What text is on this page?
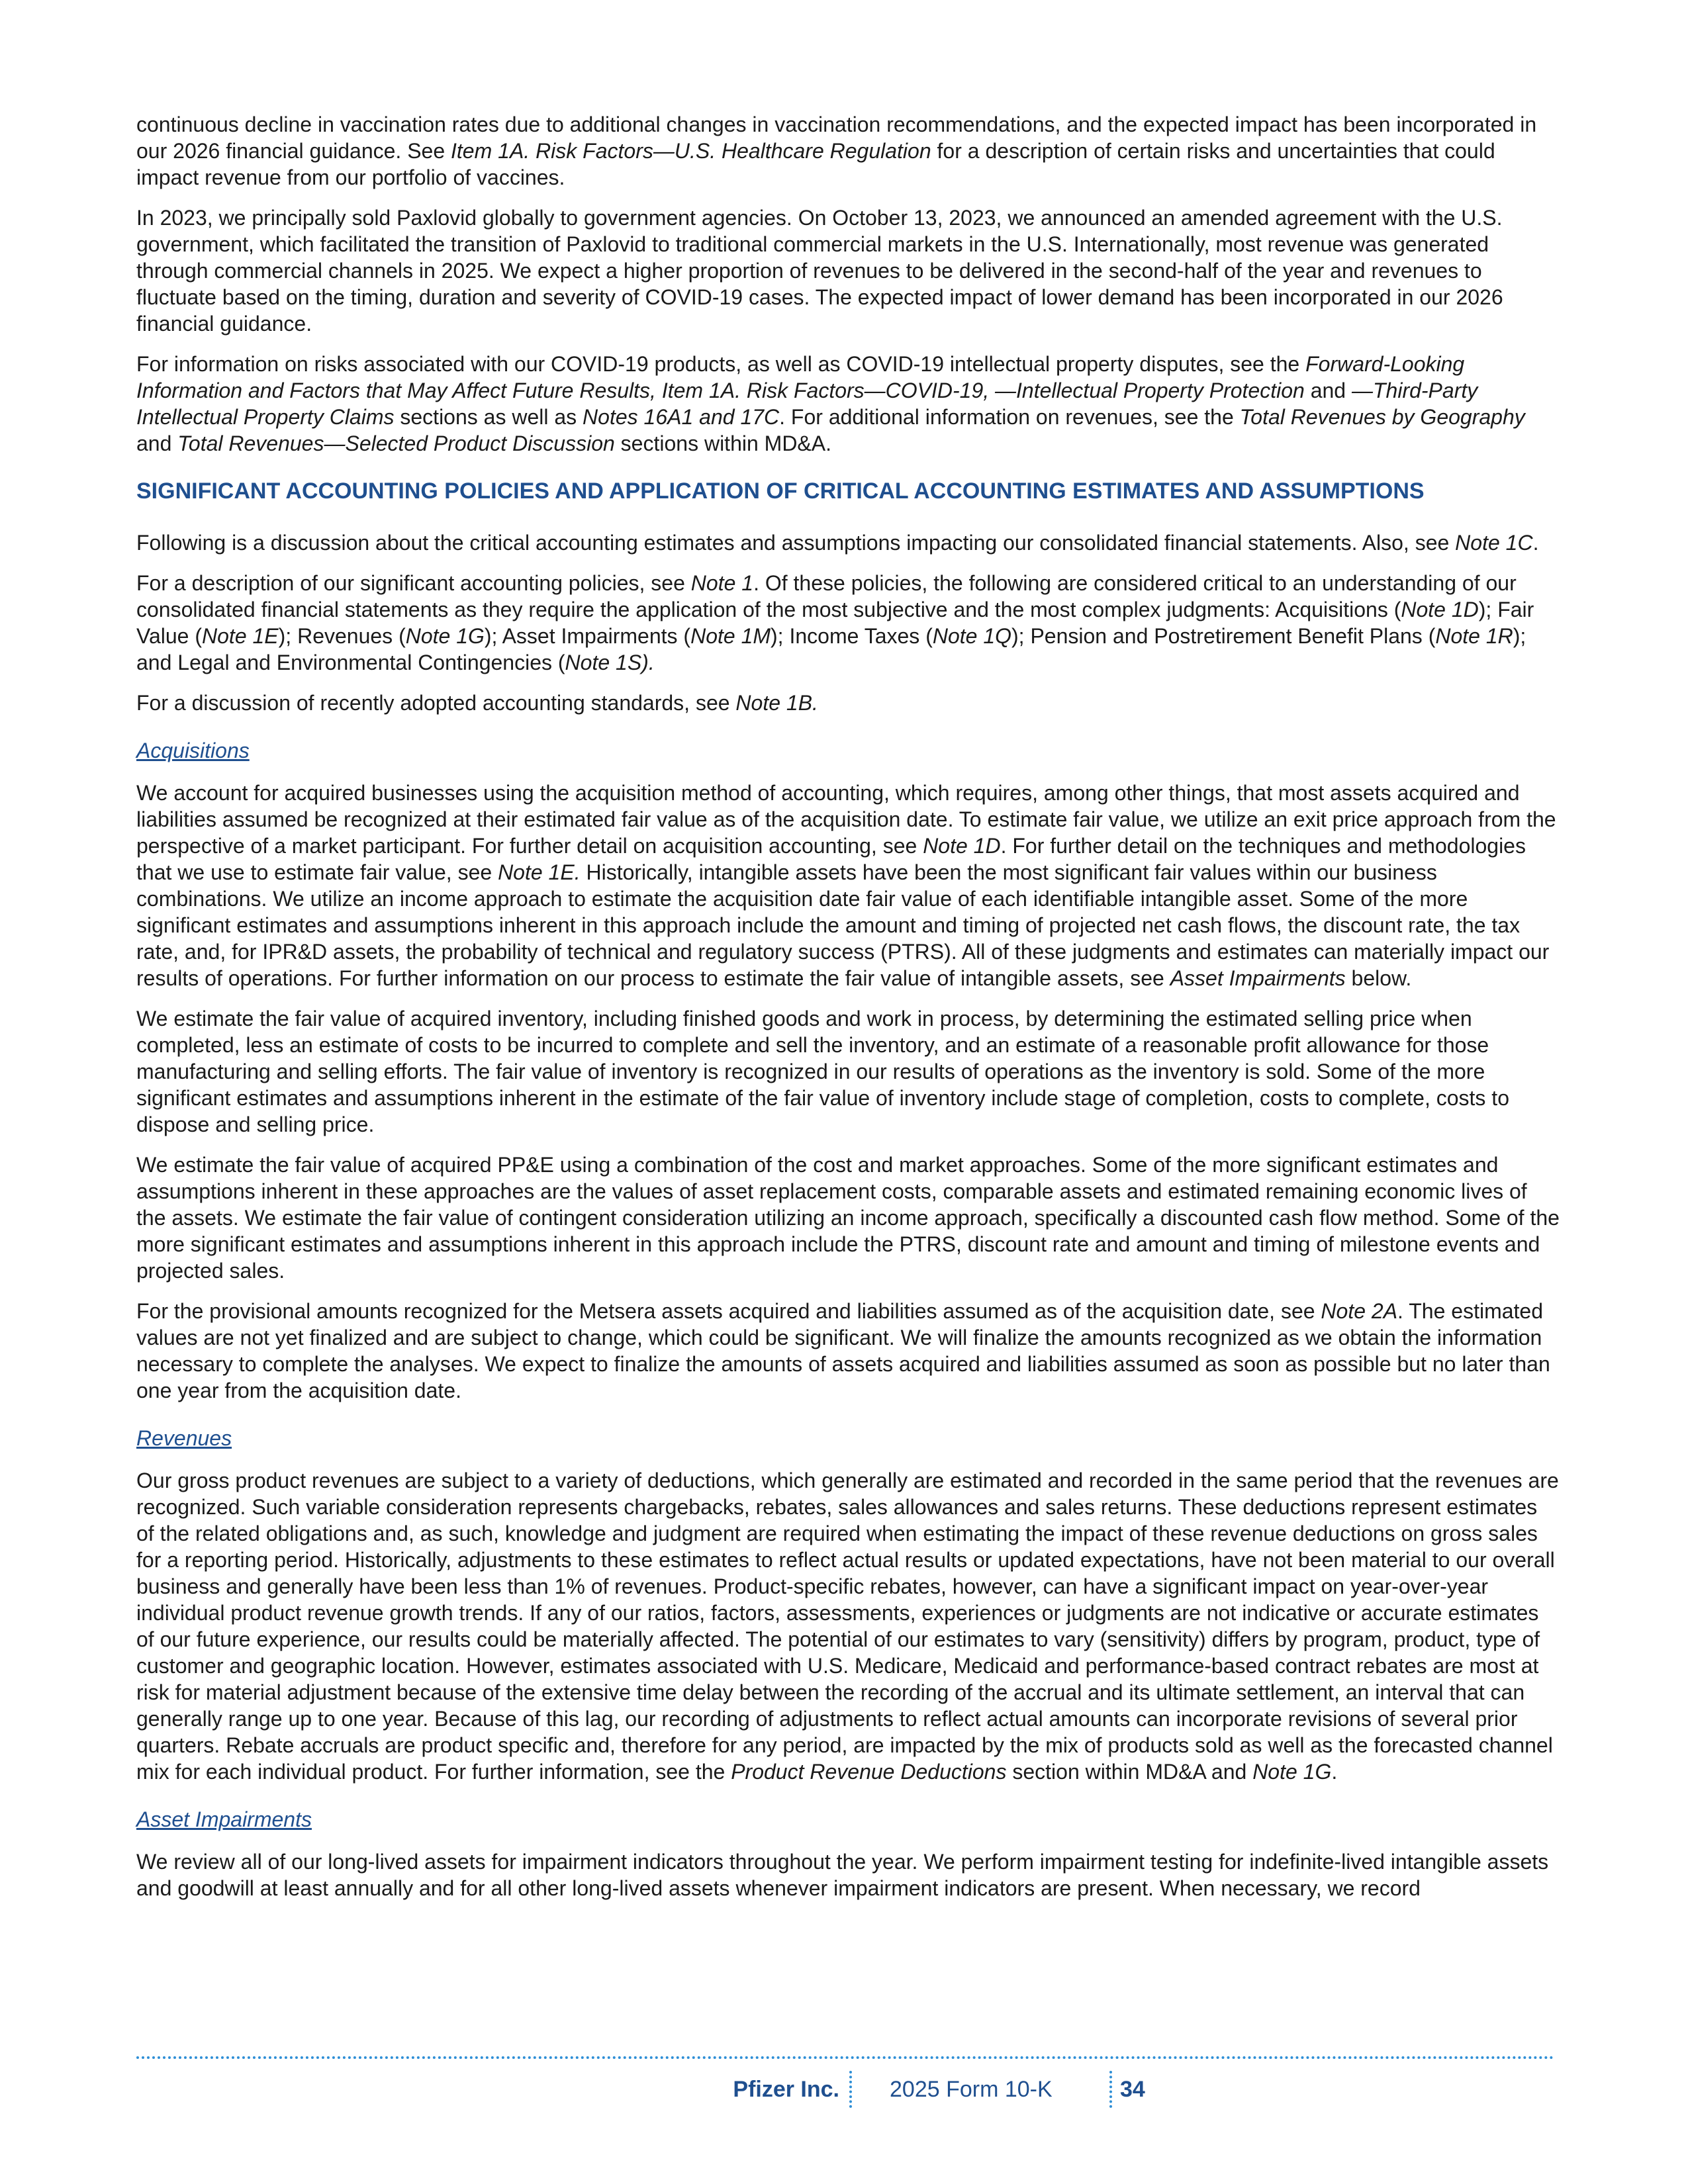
continuous decline in vaccination rates due to additional changes in vaccination recommendations, and the expected impact has been incorporated in our 2026 financial guidance. See Item 1A. Risk Factors—U.S. Healthcare Regulation for a description of certain risks and uncertainties that could impact revenue from our portfolio of vaccines.

In 2023, we principally sold Paxlovid globally to government agencies. On October 13, 2023, we announced an amended agreement with the U.S. government, which facilitated the transition of Paxlovid to traditional commercial markets in the U.S. Internationally, most revenue was generated through commercial channels in 2025. We expect a higher proportion of revenues to be delivered in the second-half of the year and revenues to fluctuate based on the timing, duration and severity of COVID-19 cases. The expected impact of lower demand has been incorporated in our 2026 financial guidance.

For information on risks associated with our COVID-19 products, as well as COVID-19 intellectual property disputes, see the Forward-Looking Information and Factors that May Affect Future Results, Item 1A. Risk Factors—COVID-19, —Intellectual Property Protection and —Third-Party Intellectual Property Claims sections as well as Notes 16A1 and 17C. For additional information on revenues, see the Total Revenues by Geography and Total Revenues—Selected Product Discussion sections within MD&A.

SIGNIFICANT ACCOUNTING POLICIES AND APPLICATION OF CRITICAL ACCOUNTING ESTIMATES AND ASSUMPTIONS

Following is a discussion about the critical accounting estimates and assumptions impacting our consolidated financial statements. Also, see Note 1C.

For a description of our significant accounting policies, see Note 1. Of these policies, the following are considered critical to an understanding of our consolidated financial statements as they require the application of the most subjective and the most complex judgments: Acquisitions (Note 1D); Fair Value (Note 1E); Revenues (Note 1G); Asset Impairments (Note 1M); Income Taxes (Note 1Q); Pension and Postretirement Benefit Plans (Note 1R); and Legal and Environmental Contingencies (Note 1S).

For a discussion of recently adopted accounting standards, see Note 1B.

Acquisitions

We account for acquired businesses using the acquisition method of accounting, which requires, among other things, that most assets acquired and liabilities assumed be recognized at their estimated fair value as of the acquisition date. To estimate fair value, we utilize an exit price approach from the perspective of a market participant. For further detail on acquisition accounting, see Note 1D. For further detail on the techniques and methodologies that we use to estimate fair value, see Note 1E. Historically, intangible assets have been the most significant fair values within our business combinations. We utilize an income approach to estimate the acquisition date fair value of each identifiable intangible asset. Some of the more significant estimates and assumptions inherent in this approach include the amount and timing of projected net cash flows, the discount rate, the tax rate, and, for IPR&D assets, the probability of technical and regulatory success (PTRS). All of these judgments and estimates can materially impact our results of operations. For further information on our process to estimate the fair value of intangible assets, see Asset Impairments below.

We estimate the fair value of acquired inventory, including finished goods and work in process, by determining the estimated selling price when completed, less an estimate of costs to be incurred to complete and sell the inventory, and an estimate of a reasonable profit allowance for those manufacturing and selling efforts. The fair value of inventory is recognized in our results of operations as the inventory is sold. Some of the more significant estimates and assumptions inherent in the estimate of the fair value of inventory include stage of completion, costs to complete, costs to dispose and selling price.

We estimate the fair value of acquired PP&E using a combination of the cost and market approaches. Some of the more significant estimates and assumptions inherent in these approaches are the values of asset replacement costs, comparable assets and estimated remaining economic lives of the assets. We estimate the fair value of contingent consideration utilizing an income approach, specifically a discounted cash flow method. Some of the more significant estimates and assumptions inherent in this approach include the PTRS, discount rate and amount and timing of milestone events and projected sales.

For the provisional amounts recognized for the Metsera assets acquired and liabilities assumed as of the acquisition date, see Note 2A. The estimated values are not yet finalized and are subject to change, which could be significant. We will finalize the amounts recognized as we obtain the information necessary to complete the analyses. We expect to finalize the amounts of assets acquired and liabilities assumed as soon as possible but no later than one year from the acquisition date.

Revenues

Our gross product revenues are subject to a variety of deductions, which generally are estimated and recorded in the same period that the revenues are recognized. Such variable consideration represents chargebacks, rebates, sales allowances and sales returns. These deductions represent estimates of the related obligations and, as such, knowledge and judgment are required when estimating the impact of these revenue deductions on gross sales for a reporting period. Historically, adjustments to these estimates to reflect actual results or updated expectations, have not been material to our overall business and generally have been less than 1% of revenues. Product-specific rebates, however, can have a significant impact on year-over-year individual product revenue growth trends. If any of our ratios, factors, assessments, experiences or judgments are not indicative or accurate estimates of our future experience, our results could be materially affected. The potential of our estimates to vary (sensitivity) differs by program, product, type of customer and geographic location. However, estimates associated with U.S. Medicare, Medicaid and performance-based contract rebates are most at risk for material adjustment because of the extensive time delay between the recording of the accrual and its ultimate settlement, an interval that can generally range up to one year. Because of this lag, our recording of adjustments to reflect actual amounts can incorporate revisions of several prior quarters. Rebate accruals are product specific and, therefore for any period, are impacted by the mix of products sold as well as the forecasted channel mix for each individual product. For further information, see the Product Revenue Deductions section within MD&A and Note 1G.

Asset Impairments

We review all of our long-lived assets for impairment indicators throughout the year. We perform impairment testing for indefinite-lived intangible assets and goodwill at least annually and for all other long-lived assets whenever impairment indicators are present. When necessary, we record

Pfizer Inc. 2025 Form 10-K	34
